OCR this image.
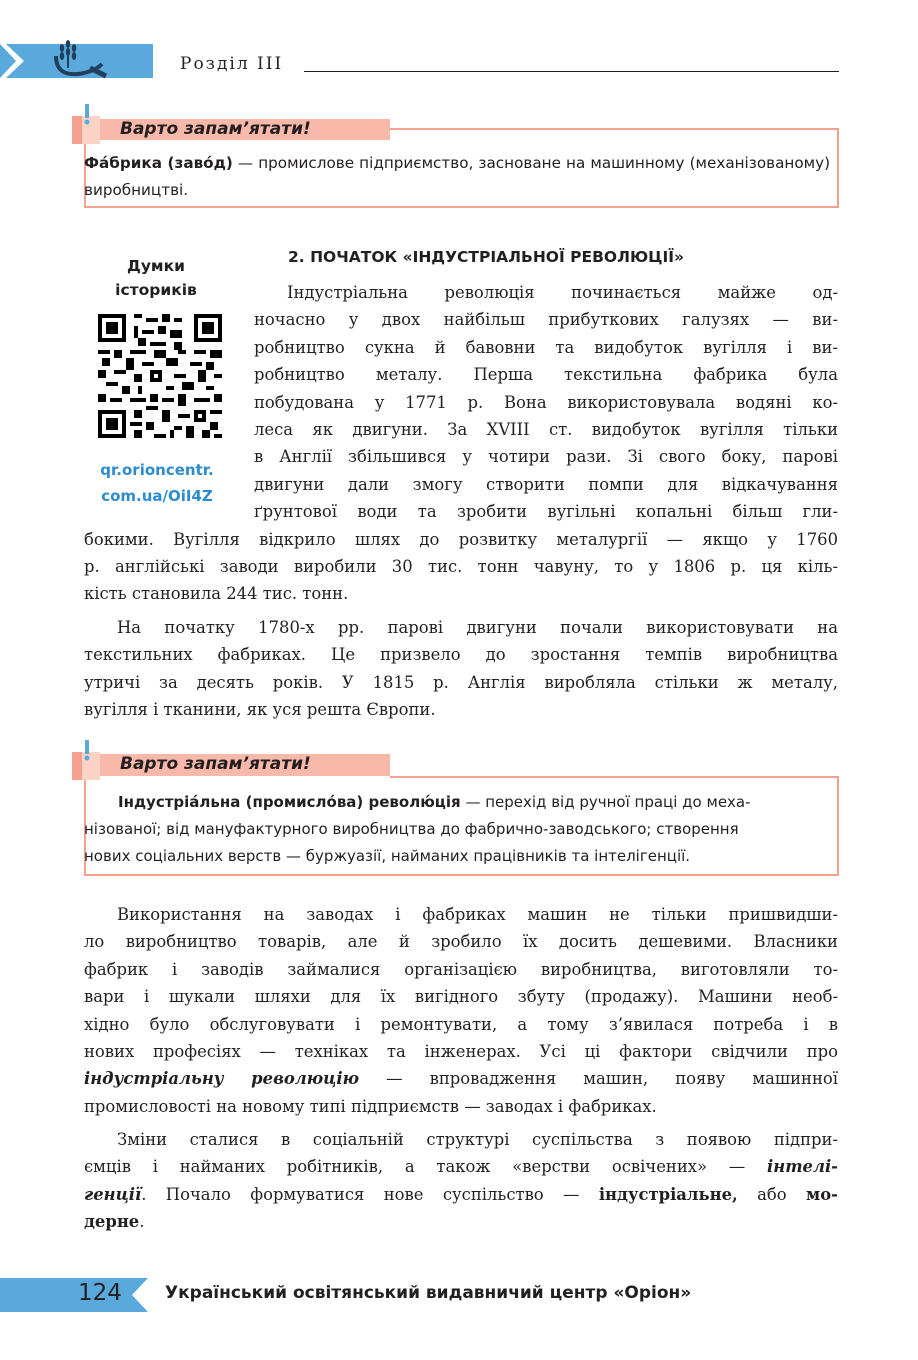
Розділ III
Варто запам’ятати!
Фа́брика (заво́д) — промислове підприємство, засноване на машинному (механізованому) виробництві.
Думки
істориків
qr.orioncentr.
com.ua/OiI4Z
2. ПОЧАТОК «ІНДУСТРІАЛЬНОЇ РЕВОЛЮЦІЇ»
Індустріальна революція починається майже од-
ночасно у двох найбільш прибуткових галузях — ви-
робництво сукна й бавовни та видобуток вугілля і ви-
робництво металу. Перша текстильна фабрика була
побудована у 1771 р. Вона використовувала водяні ко-
леса як двигуни. За XVIII ст. видобуток вугілля тільки
в Англії збільшився у чотири рази. Зі свого боку, парові
двигуни дали змогу створити помпи для відкачування
ґрунтової води та зробити вугільні копальні більш гли-
бокими. Вугілля відкрило шлях до розвитку металургії — якщо у 1760
р. англійські заводи виробили 30 тис. тонн чавуну, то у 1806 р. ця кіль-
кість становила 244 тис. тонн.
На початку 1780-х рр. парові двигуни почали використовувати на
текстильних фабриках. Це призвело до зростання темпів виробництва
утричі за десять років. У 1815 р. Англія виробляла стільки ж металу,
вугілля і тканини, як уся решта Європи.
Варто запам’ятати!
Індустріа́льна (промисло́ва) револю́ція — перехід від ручної праці до меха-
нізованої; від мануфактурного виробництва до фабрично-заводського; створення
нових соціальних верств — буржуазії, найманих працівників та інтелігенції.
Використання на заводах і фабриках машин не тільки пришвидши-
ло виробництво товарів, але й зробило їх досить дешевими. Власники
фабрик і заводів займалися організацією виробництва, виготовляли то-
вари і шукали шляхи для їх вигідного збуту (продажу). Машини необ-
хідно було обслуговувати і ремонтувати, а тому з’явилася потреба і в
нових професіях — техніках та інженерах. Усі ці фактори свідчили про
індустріальну революцію — впровадження машин, появу машинної
промисловості на новому типі підприємств — заводах і фабриках.
Зміни сталися в соціальній структурі суспільства з появою підпри-
ємців і найманих робітників, а також «верстви освічених» — інтелі-
генції. Почало формуватися нове суспільство — індустріальне, або мо-
дерне.
124	Український освітянський видавничий центр «Оріон»
